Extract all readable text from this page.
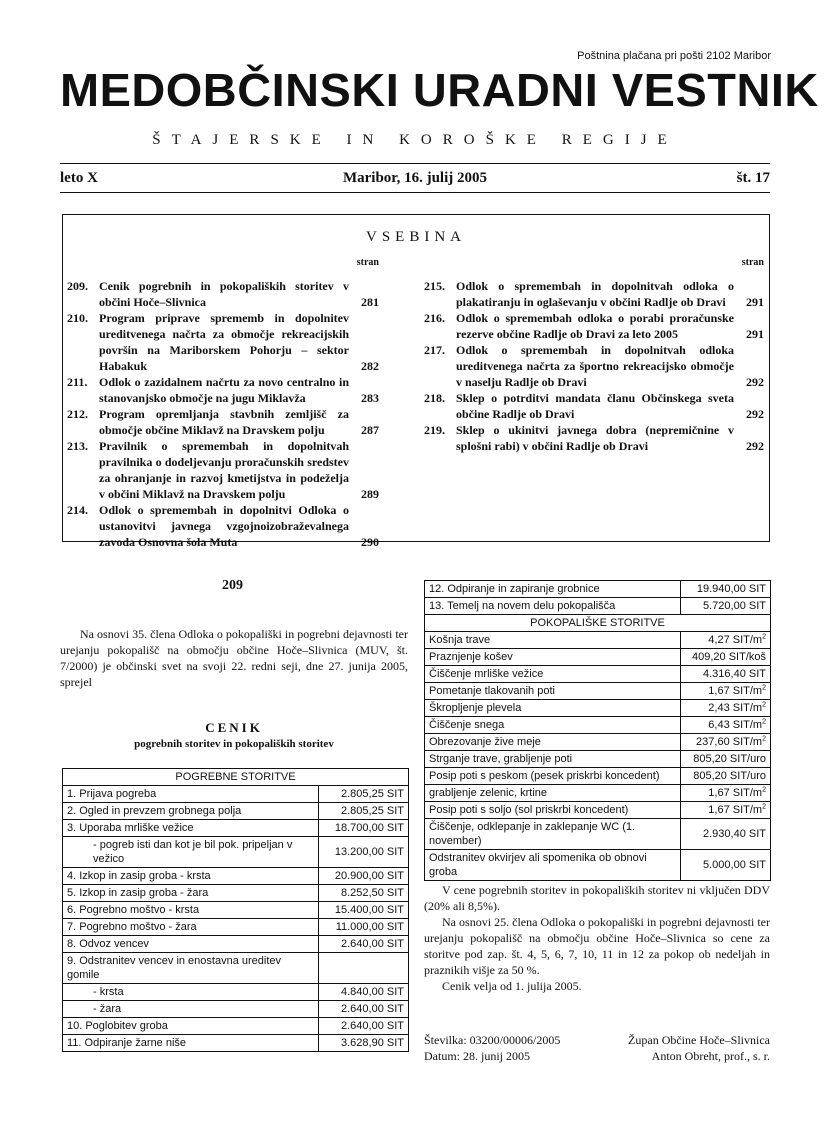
Poštnina plačana pri pošti 2102 Maribor
MEDOBČINSKI URADNI VESTNIK
ŠTAJERSKE IN KOROŠKE REGIJE
leto X	Maribor, 16. julij 2005	št. 17
VSEBINA
stran
209. Cenik pogrebnih in pokopaliških storitev v občini Hoče–Slivnica	281
210. Program priprave sprememb in dopolnitev ureditvenega načrta za območje rekreacijskih površin na Mariborskem Pohorju – sektor Habakuk	282
211. Odlok o zazidalnem načrtu za novo centralno in stanovanjsko območje na jugu Miklavža	283
212. Program opremljanja stavbnih zemljišč za območje občine Miklavž na Dravskem polju	287
213. Pravilnik o spremembah in dopolnitvah pravilnika o dodeljevanju proračunskih sredstev za ohranjanje in razvoj kmetijstva in podeželja v občini Miklavž na Dravskem polju	289
214. Odlok o spremembah in dopolnitvi Odloka o ustanovitvi javnega vzgojnoizobraževalnega zavoda Osnovna šola Muta	290
stran
215. Odlok o spremembah in dopolnitvah odloka o plakatiranju in oglaševanju v občini Radlje ob Dravi	291
216. Odlok o spremembah odloka o porabi proračunske rezerve občine Radlje ob Dravi za leto 2005	291
217. Odlok o spremembah in dopolnitvah odloka ureditvenega načrta za športno rekreacijsko območje v naselju Radlje ob Dravi	292
218. Sklep o potrditvi mandata članu Občinskega sveta občine Radlje ob Dravi	292
219. Sklep o ukinitvi javnega dobra (nepremičnine v splošni rabi) v občini Radlje ob Dravi	292
209
Na osnovi 35. člena Odloka o pokopališki in pogrebni dejavnosti ter urejanju pokopališč na območju občine Hoče–Slivnica (MUV, št. 7/2000) je občinski svet na svoji 22. redni seji, dne 27. junija 2005, sprejel
CENIK
pogrebnih storitev in pokopaliških storitev
POGREBNE STORITVE	
1. Prijava pogreba	2.805,25 SIT
2. Ogled in prevzem grobnega polja	2.805,25 SIT
3. Uporaba mrliške vežice	18.700,00 SIT
- pogreb isti dan kot je bil pok. pripeljan v vežico	13.200,00 SIT
4. Izkop in zasip groba - krsta	20.900,00 SIT
5. Izkop in zasip groba - žara	8.252,50 SIT
6. Pogrebno moštvo - krsta	15.400,00 SIT
7. Pogrebno moštvo - žara	11.000,00 SIT
8. Odvoz vencev	2.640,00 SIT
9. Odstranitev vencev in enostavna ureditev gomile	
- krsta	4.840,00 SIT
- žara	2.640,00 SIT
10. Poglobitev groba	2.640,00 SIT
11. Odpiranje žarne niše	3.628,90 SIT
12. Odpiranje in zapiranje grobnice	19.940,00 SIT
13. Temelj na novem delu pokopališča	5.720,00 SIT
POKOPALIŠKE STORITVE	
Košnja trave	4,27 SIT/$m^2$
Praznjenje košev	409,20 SIT/koš
Čiščenje mrliške vežice	4.316,40 SIT
Pometanje tlakovanih poti	1,67 SIT/$m^2$
Škropljenje plevela	2,43 SIT/$m^2$
Čiščenje snega	6,43 SIT/$m^2$
Obrezovanje žive meje	237,60 SIT/$m^2$
Strganje trave, grabljenje poti	805,20 SIT/uro
Posip poti s peskom (pesek priskrbi koncedent)	805,20 SIT/uro
grabljenje zelenic, krtine	1,67 SIT/$m^2$
Posip poti s soljo (sol priskrbi koncedent)	1,67 SIT/$m^2$
Čiščenje, odklepanje in zaklepanje WC (1. november)	2.930,40 SIT
Odstranitev okvirjev ali spomenika ob obnovi groba	5.000,00 SIT
V cene pogrebnih storitev in pokopaliških storitev ni vključen DDV (20% ali 8,5%).
Na osnovi 25. člena Odloka o pokopališki in pogrebni dejavnosti ter urejanju pokopališč na območju občine Hoče–Slivnica so cene za storitve pod zap. št. 4, 5, 6, 7, 10, 11 in 12 za pokop ob nedeljah in praznikih višje za 50 %.
Cenik velja od 1. julija 2005.
Številka: 03200/00006/2005
Datum: 28. junij 2005
Župan Občine Hoče–Slivnica
Anton Obreht, prof., s. r.
